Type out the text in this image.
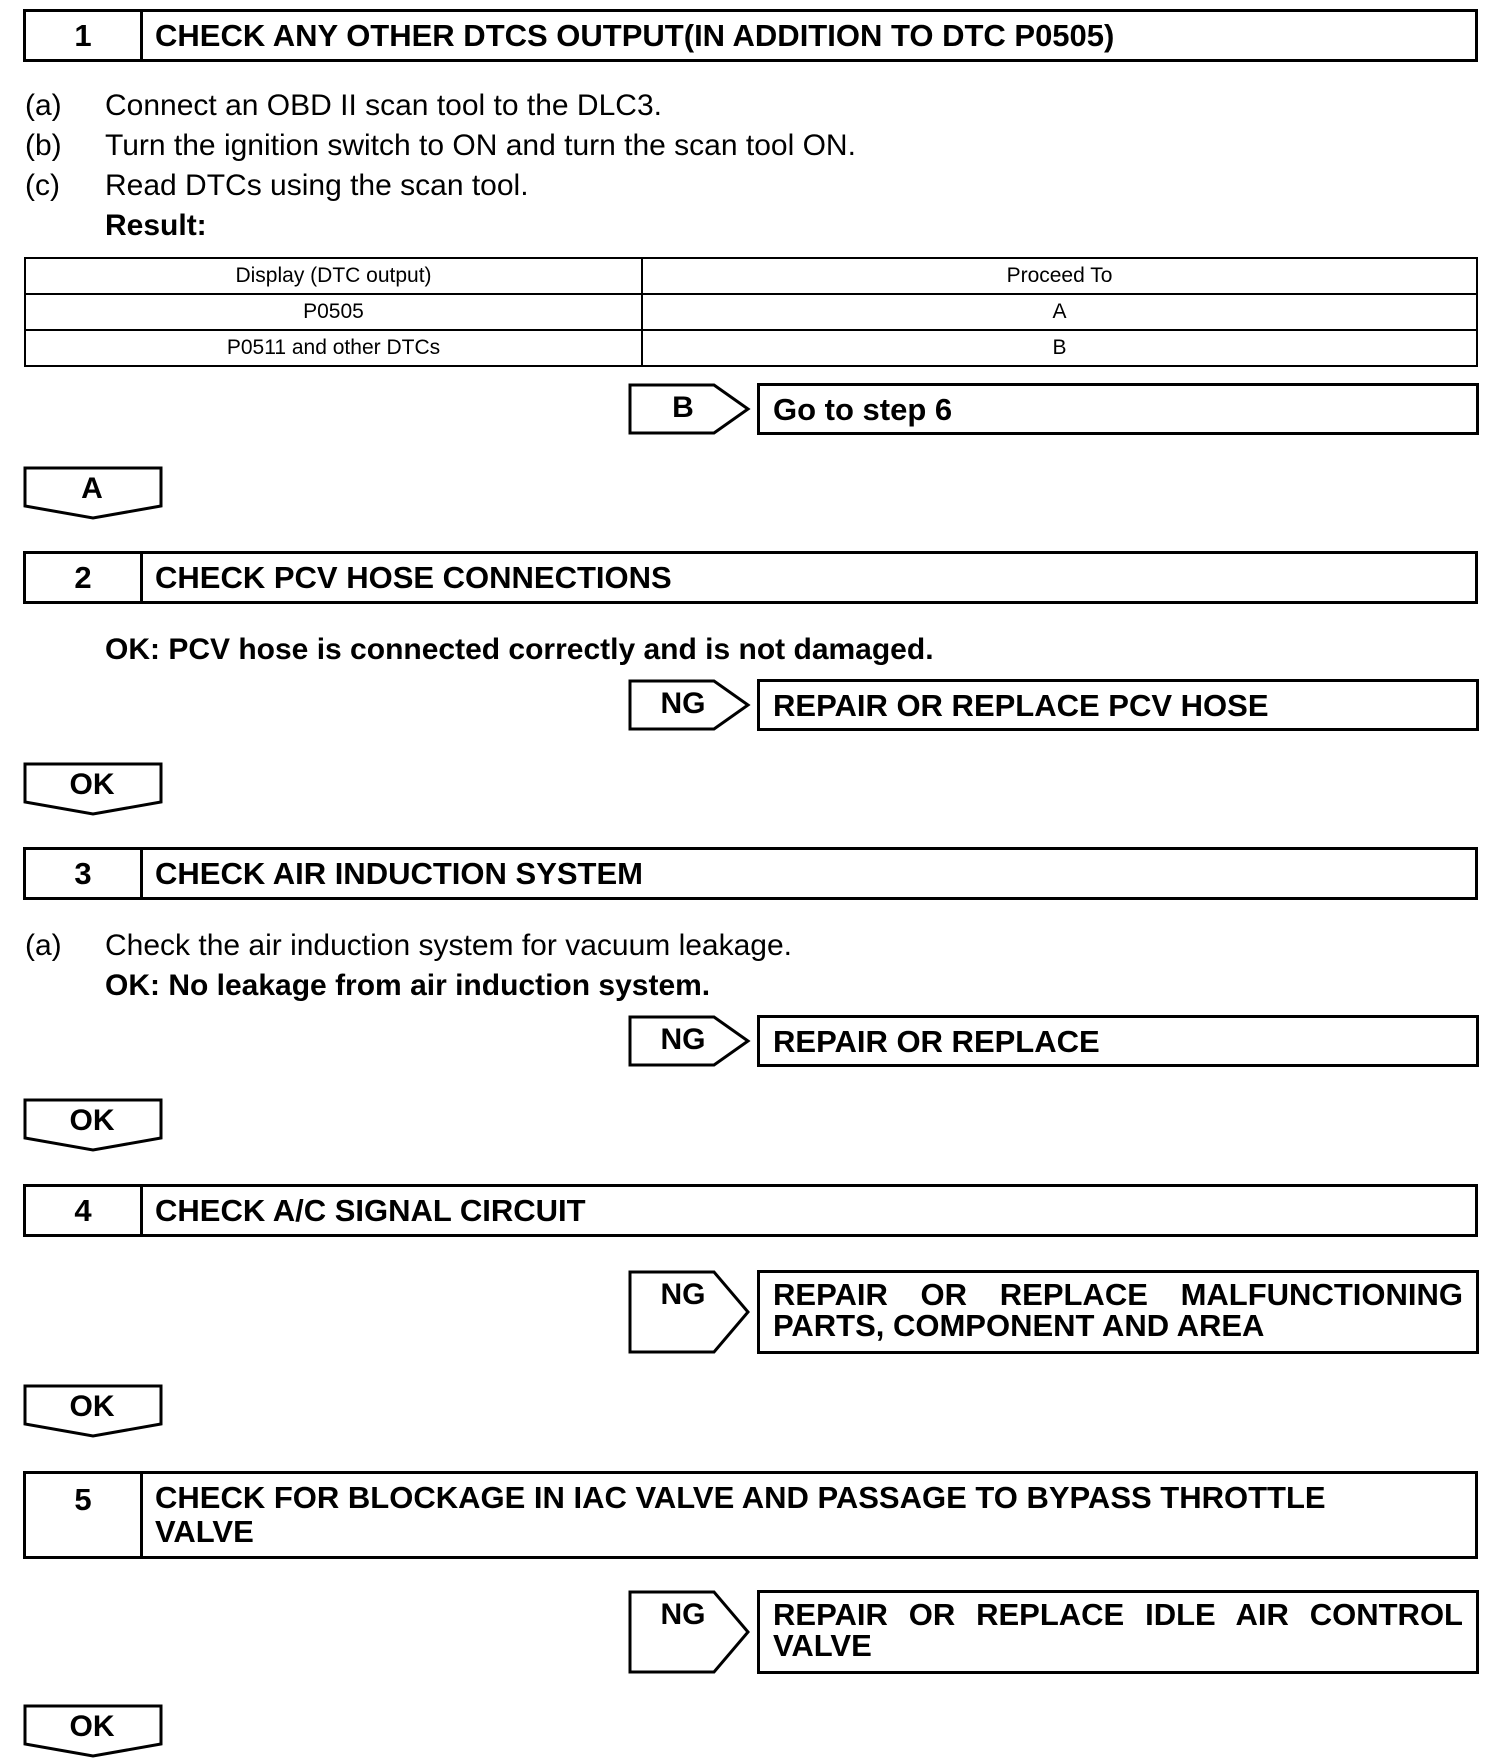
1	CHECK ANY OTHER DTCS OUTPUT(IN ADDITION TO DTC P0505)
(a) Connect an OBD II scan tool to the DLC3.
(b) Turn the ignition switch to ON and turn the scan tool ON.
(c) Read DTCs using the scan tool.
Result:
Display (DTC output)	Proceed To
P0505	A
P0511 and other DTCs	B
B	Go to step 6
A
2	CHECK PCV HOSE CONNECTIONS
OK: PCV hose is connected correctly and is not damaged.
NG	REPAIR OR REPLACE PCV HOSE
OK
3	CHECK AIR INDUCTION SYSTEM
(a) Check the air induction system for vacuum leakage.
OK: No leakage from air induction system.
NG	REPAIR OR REPLACE
OK
4	CHECK A/C SIGNAL CIRCUIT
NG	REPAIR OR REPLACE MALFUNCTIONING
PARTS, COMPONENT AND AREA
OK
5	CHECK FOR BLOCKAGE IN IAC VALVE AND PASSAGE TO BYPASS THROTTLE
VALVE
NG	REPAIR OR REPLACE IDLE AIR CONTROL
VALVE
OK
